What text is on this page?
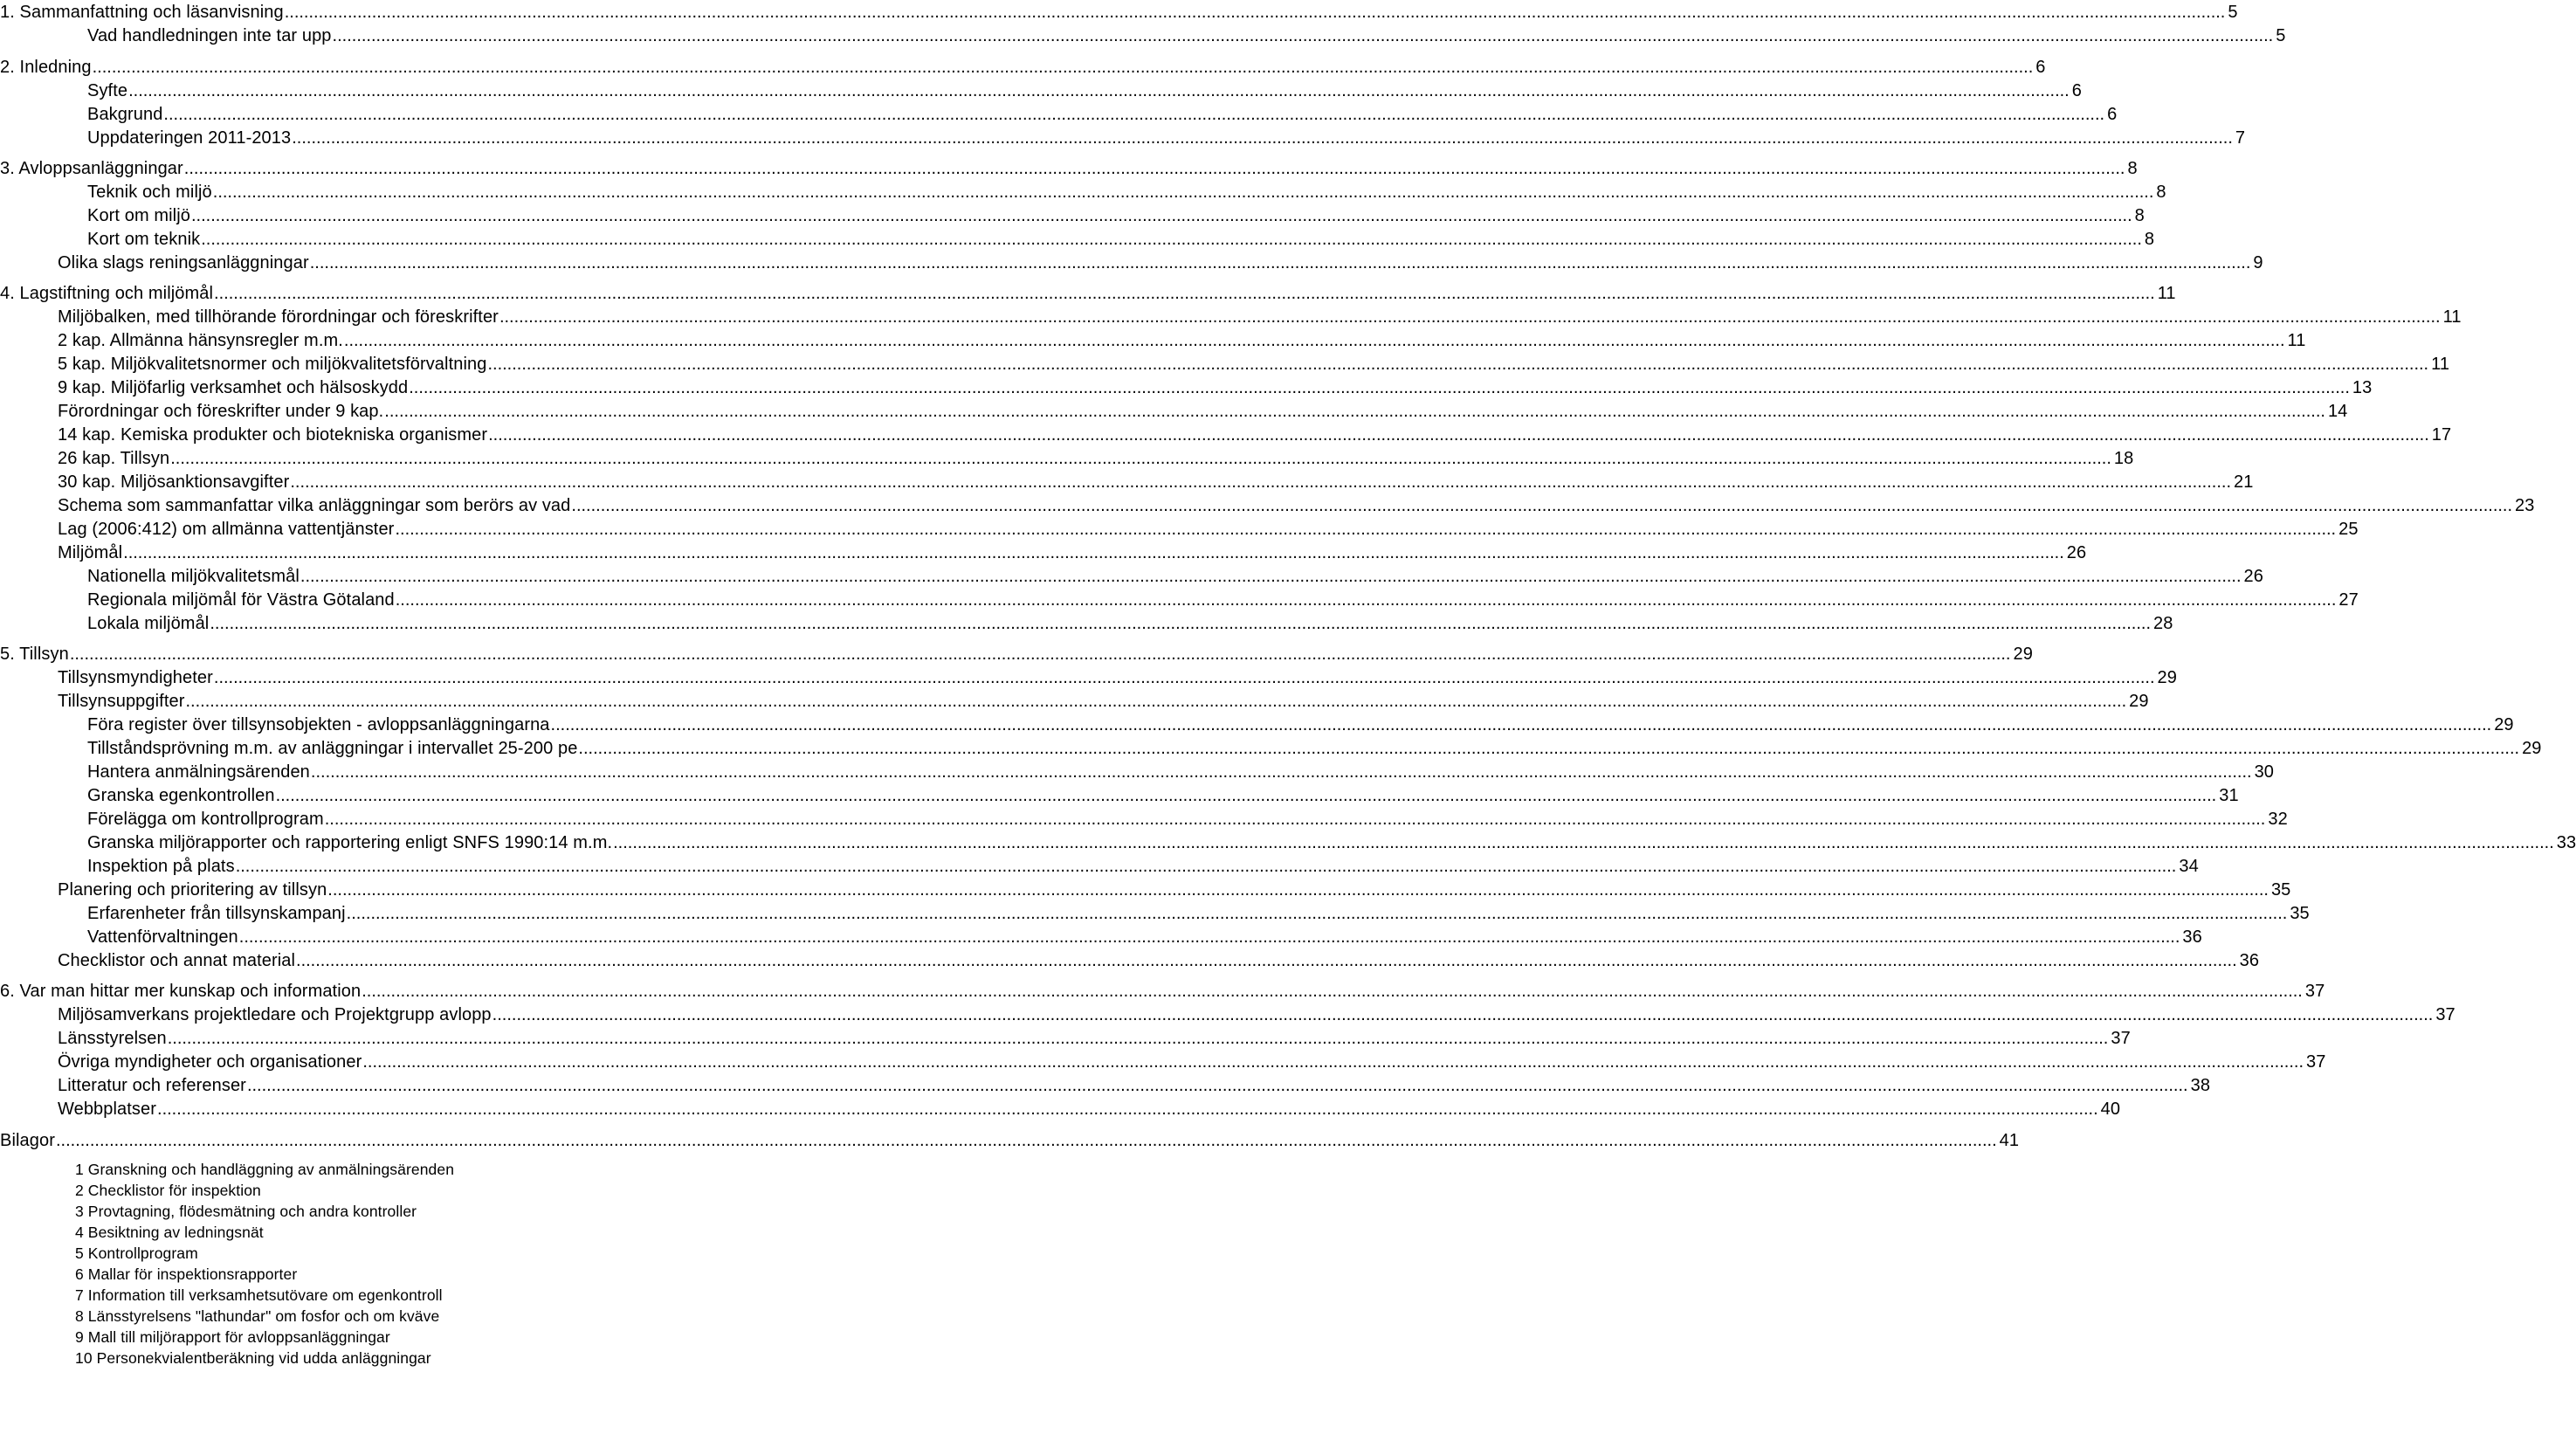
1. Sammanfattning och läsanvisning ................................................................................................................................................................................................................................................................................................................................................................................................................ 5
Vad handledningen inte tar upp ................................................................................................................................................................................................................................................................................................................................................................................................................ 5
2. Inledning ................................................................................................................................................................................................................................................................................................................................................................................................................ 6
Syfte ................................................................................................................................................................................................................................................................................................................................................................................................................ 6
Bakgrund ................................................................................................................................................................................................................................................................................................................................................................................................................ 6
Uppdateringen 2011-2013 ................................................................................................................................................................................................................................................................................................................................................................................................................ 7
3. Avloppsanläggningar ................................................................................................................................................................................................................................................................................................................................................................................................................ 8
Teknik och miljö ................................................................................................................................................................................................................................................................................................................................................................................................................ 8
Kort om miljö ................................................................................................................................................................................................................................................................................................................................................................................................................ 8
Kort om teknik ................................................................................................................................................................................................................................................................................................................................................................................................................ 8
Olika slags reningsanläggningar ................................................................................................................................................................................................................................................................................................................................................................................................................ 9
4. Lagstiftning och miljömål ................................................................................................................................................................................................................................................................................................................................................................................................................ 11
Miljöbalken, med tillhörande förordningar och föreskrifter ................................................................................................................................................................................................................................................................................................................................................................................................................ 11
2 kap. Allmänna hänsynsregler m.m. ................................................................................................................................................................................................................................................................................................................................................................................................................ 11
5 kap. Miljökvalitetsnormer och miljökvalitetsförvaltning ................................................................................................................................................................................................................................................................................................................................................................................................................ 11
9 kap. Miljöfarlig verksamhet och hälsoskydd ................................................................................................................................................................................................................................................................................................................................................................................................................ 13
Förordningar och föreskrifter under 9 kap. ................................................................................................................................................................................................................................................................................................................................................................................................................ 14
14 kap. Kemiska produkter och biotekniska organismer ................................................................................................................................................................................................................................................................................................................................................................................................................ 17
26 kap. Tillsyn ................................................................................................................................................................................................................................................................................................................................................................................................................ 18
30 kap. Miljösanktionsavgifter ................................................................................................................................................................................................................................................................................................................................................................................................................ 21
Schema som sammanfattar vilka anläggningar som berörs av vad ................................................................................................................................................................................................................................................................................................................................................................................................................ 23
Lag (2006:412) om allmänna vattentjänster ................................................................................................................................................................................................................................................................................................................................................................................................................ 25
Miljömål ................................................................................................................................................................................................................................................................................................................................................................................................................ 26
Nationella miljökvalitetsmål ................................................................................................................................................................................................................................................................................................................................................................................................................ 26
Regionala miljömål för Västra Götaland ................................................................................................................................................................................................................................................................................................................................................................................................................ 27
Lokala miljömål ................................................................................................................................................................................................................................................................................................................................................................................................................ 28
5. Tillsyn ................................................................................................................................................................................................................................................................................................................................................................................................................ 29
Tillsynsmyndigheter ................................................................................................................................................................................................................................................................................................................................................................................................................ 29
Tillsynsuppgifter ................................................................................................................................................................................................................................................................................................................................................................................................................ 29
Föra register över tillsynsobjekten - avloppsanläggningarna ................................................................................................................................................................................................................................................................................................................................................................................................................ 29
Tillståndsprövning m.m. av anläggningar i intervallet 25-200 pe ................................................................................................................................................................................................................................................................................................................................................................................................................ 29
Hantera anmälningsärenden ................................................................................................................................................................................................................................................................................................................................................................................................................ 30
Granska egenkontrollen ................................................................................................................................................................................................................................................................................................................................................................................................................ 31
Förelägga om kontrollprogram ................................................................................................................................................................................................................................................................................................................................................................................................................ 32
Granska miljörapporter och rapportering enligt SNFS 1990:14 m.m. ................................................................................................................................................................................................................................................................................................................................................................................................................ 33
Inspektion på plats ................................................................................................................................................................................................................................................................................................................................................................................................................ 34
Planering och prioritering av tillsyn ................................................................................................................................................................................................................................................................................................................................................................................................................ 35
Erfarenheter från tillsynskampanj ................................................................................................................................................................................................................................................................................................................................................................................................................ 35
Vattenförvaltningen ................................................................................................................................................................................................................................................................................................................................................................................................................ 36
Checklistor och annat material ................................................................................................................................................................................................................................................................................................................................................................................................................ 36
6. Var man hittar mer kunskap och information ................................................................................................................................................................................................................................................................................................................................................................................................................ 37
Miljösamverkans projektledare och Projektgrupp avlopp ................................................................................................................................................................................................................................................................................................................................................................................................................ 37
Länsstyrelsen ................................................................................................................................................................................................................................................................................................................................................................................................................ 37
Övriga myndigheter och organisationer ................................................................................................................................................................................................................................................................................................................................................................................................................ 37
Litteratur och referenser ................................................................................................................................................................................................................................................................................................................................................................................................................ 38
Webbplatser ................................................................................................................................................................................................................................................................................................................................................................................................................ 40
Bilagor ................................................................................................................................................................................................................................................................................................................................................................................................................ 41
1 Granskning och handläggning av anmälningsärenden
2 Checklistor för inspektion
3 Provtagning, flödesmätning och andra kontroller
4 Besiktning av ledningsnät
5 Kontrollprogram
6 Mallar för inspektionsrapporter
7 Information till verksamhetsutövare om egenkontroll
8 Länsstyrelsens "lathundar" om fosfor och om kväve
9 Mall till miljörapport för avloppsanläggningar
10 Personekvialentberäkning vid udda anläggningar
